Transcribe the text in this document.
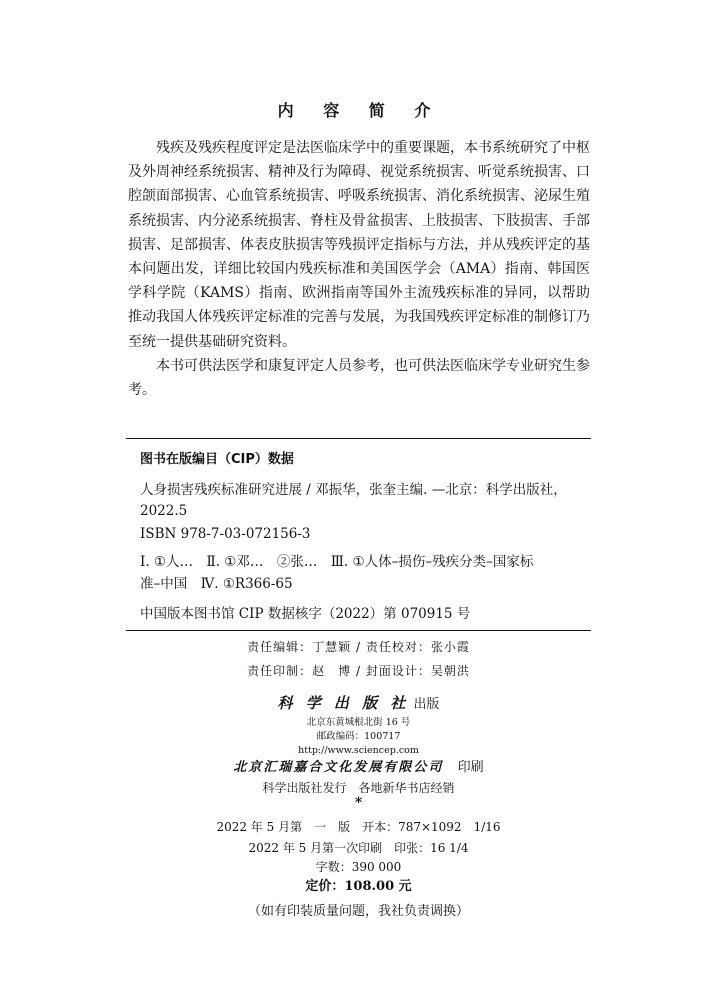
内 容 简 介

残疾及残疾程度评定是法医临床学中的重要课题，本书系统研究了中枢及外周神经系统损害、精神及行为障碍、视觉系统损害、听觉系统损害、口腔颌面部损害、心血管系统损害、呼吸系统损害、消化系统损害、泌尿生殖系统损害、内分泌系统损害、脊柱及骨盆损害、上肢损害、下肢损害、手部损害、足部损害、体表皮肤损害等残损评定指标与方法，并从残疾评定的基本问题出发，详细比较国内残疾标准和美国医学会（AMA）指南、韩国医学科学院（KAMS）指南、欧洲指南等国外主流残疾标准的异同，以帮助推动我国人体残疾评定标准的完善与发展，为我国残疾评定标准的制修订乃至统一提供基础研究资料。

本书可供法医学和康复评定人员参考，也可供法医临床学专业研究生参考。

图书在版编目（CIP）数据
人身损害残疾标准研究进展 / 邓振华，张奎主编. —北京：科学出版社，
2022.5
ISBN 978-7-03-072156-3
Ⅰ. ①人…　Ⅱ. ①邓…　②张…　Ⅲ. ①人体–损伤–残疾分类–国家标
准–中国　Ⅳ. ①R366-65
中国版本图书馆 CIP 数据核字（2022）第 070915 号
责任编辑：丁慧颖 / 责任校对：张小霞
责任印制：赵　博 / 封面设计：吴朝洪
科 学 出 版 社 出版
北京东黄城根北街 16 号
邮政编码：100717
http://www.sciencep.com
北京汇瑞嘉合文化发展有限公司 印刷
科学出版社发行　各地新华书店经销
*
2022 年 5 月第　一　版　开本：787×1092　1/16
2022 年 5 月第一次印刷　印张：16 1/4
字数：390 000
定价：108.00 元
（如有印装质量问题，我社负责调换）
